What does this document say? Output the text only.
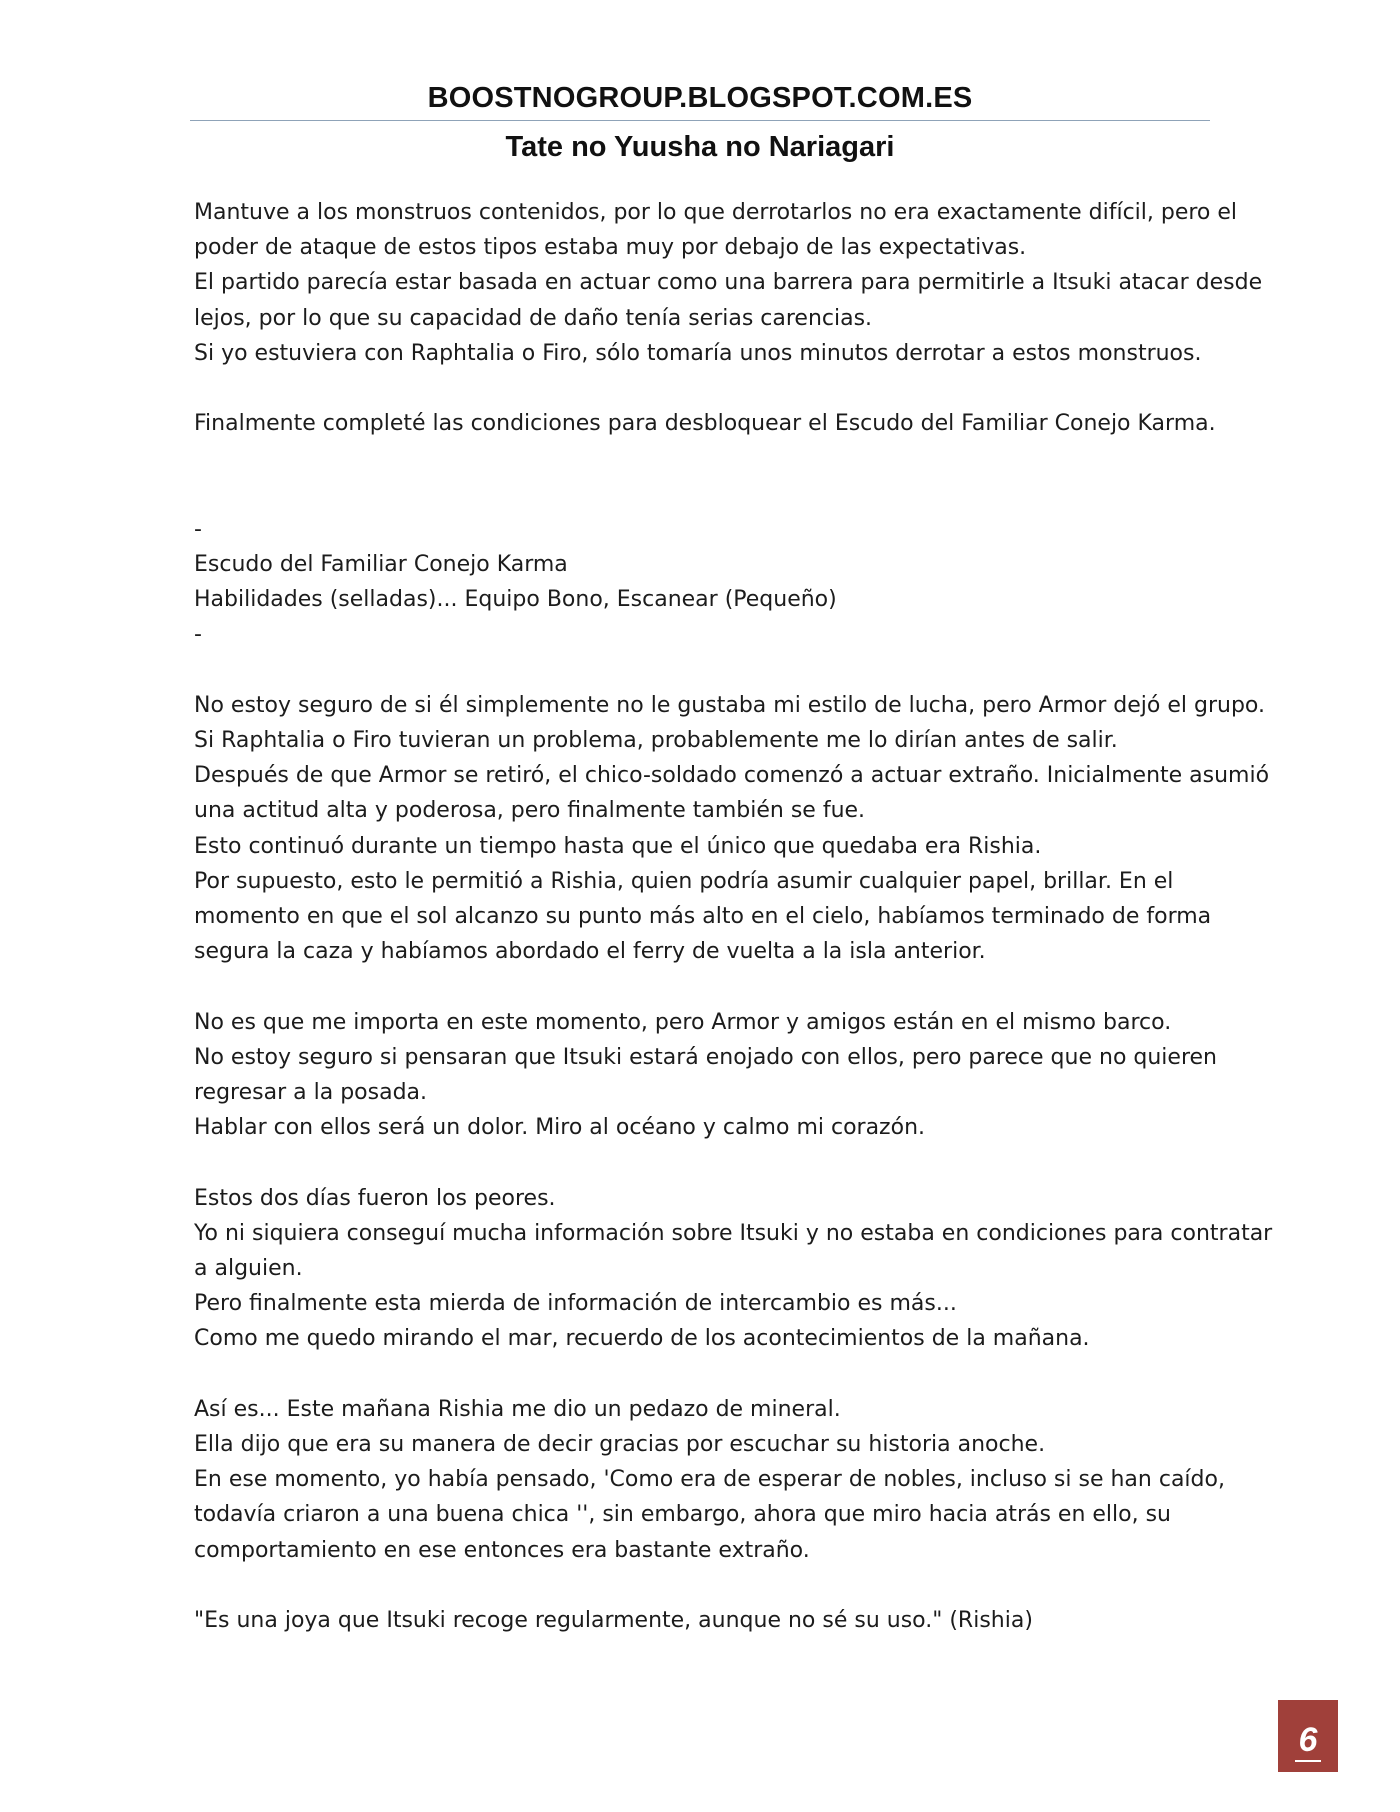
BOOSTNOGROUP.BLOGSPOT.COM.ES
Tate no Yuusha no Nariagari
Mantuve a los monstruos contenidos, por lo que derrotarlos no era exactamente difícil, pero el
poder de ataque de estos tipos estaba muy por debajo de las expectativas.
El partido parecía estar basada en actuar como una barrera para permitirle a Itsuki atacar desde
lejos, por lo que su capacidad de daño tenía serias carencias.
Si yo estuviera con Raphtalia o Firo, sólo tomaría unos minutos derrotar a estos monstruos.
Finalmente completé las condiciones para desbloquear el Escudo del Familiar Conejo Karma.
-
Escudo del Familiar Conejo Karma
Habilidades (selladas)... Equipo Bono, Escanear (Pequeño)
-
No estoy seguro de si él simplemente no le gustaba mi estilo de lucha, pero Armor dejó el grupo.
Si Raphtalia o Firo tuvieran un problema, probablemente me lo dirían antes de salir.
Después de que Armor se retiró, el chico-soldado comenzó a actuar extraño. Inicialmente asumió
una actitud alta y poderosa, pero finalmente también se fue.
Esto continuó durante un tiempo hasta que el único que quedaba era Rishia.
Por supuesto, esto le permitió a Rishia, quien podría asumir cualquier papel, brillar. En el
momento en que el sol alcanzo su punto más alto en el cielo, habíamos terminado de forma
segura la caza y habíamos abordado el ferry de vuelta a la isla anterior.
No es que me importa en este momento, pero Armor y amigos están en el mismo barco.
No estoy seguro si pensaran que Itsuki estará enojado con ellos, pero parece que no quieren
regresar a la posada.
Hablar con ellos será un dolor. Miro al océano y calmo mi corazón.
Estos dos días fueron los peores.
Yo ni siquiera conseguí mucha información sobre Itsuki y no estaba en condiciones para contratar
a alguien.
Pero finalmente esta mierda de información de intercambio es más...
Como me quedo mirando el mar, recuerdo de los acontecimientos de la mañana.
Así es... Este mañana Rishia me dio un pedazo de mineral.
Ella dijo que era su manera de decir gracias por escuchar su historia anoche.
En ese momento, yo había pensado, 'Como era de esperar de nobles, incluso si se han caído,
todavía criaron a una buena chica '', sin embargo, ahora que miro hacia atrás en ello, su
comportamiento en ese entonces era bastante extraño.
"Es una joya que Itsuki recoge regularmente, aunque no sé su uso." (Rishia)
6
